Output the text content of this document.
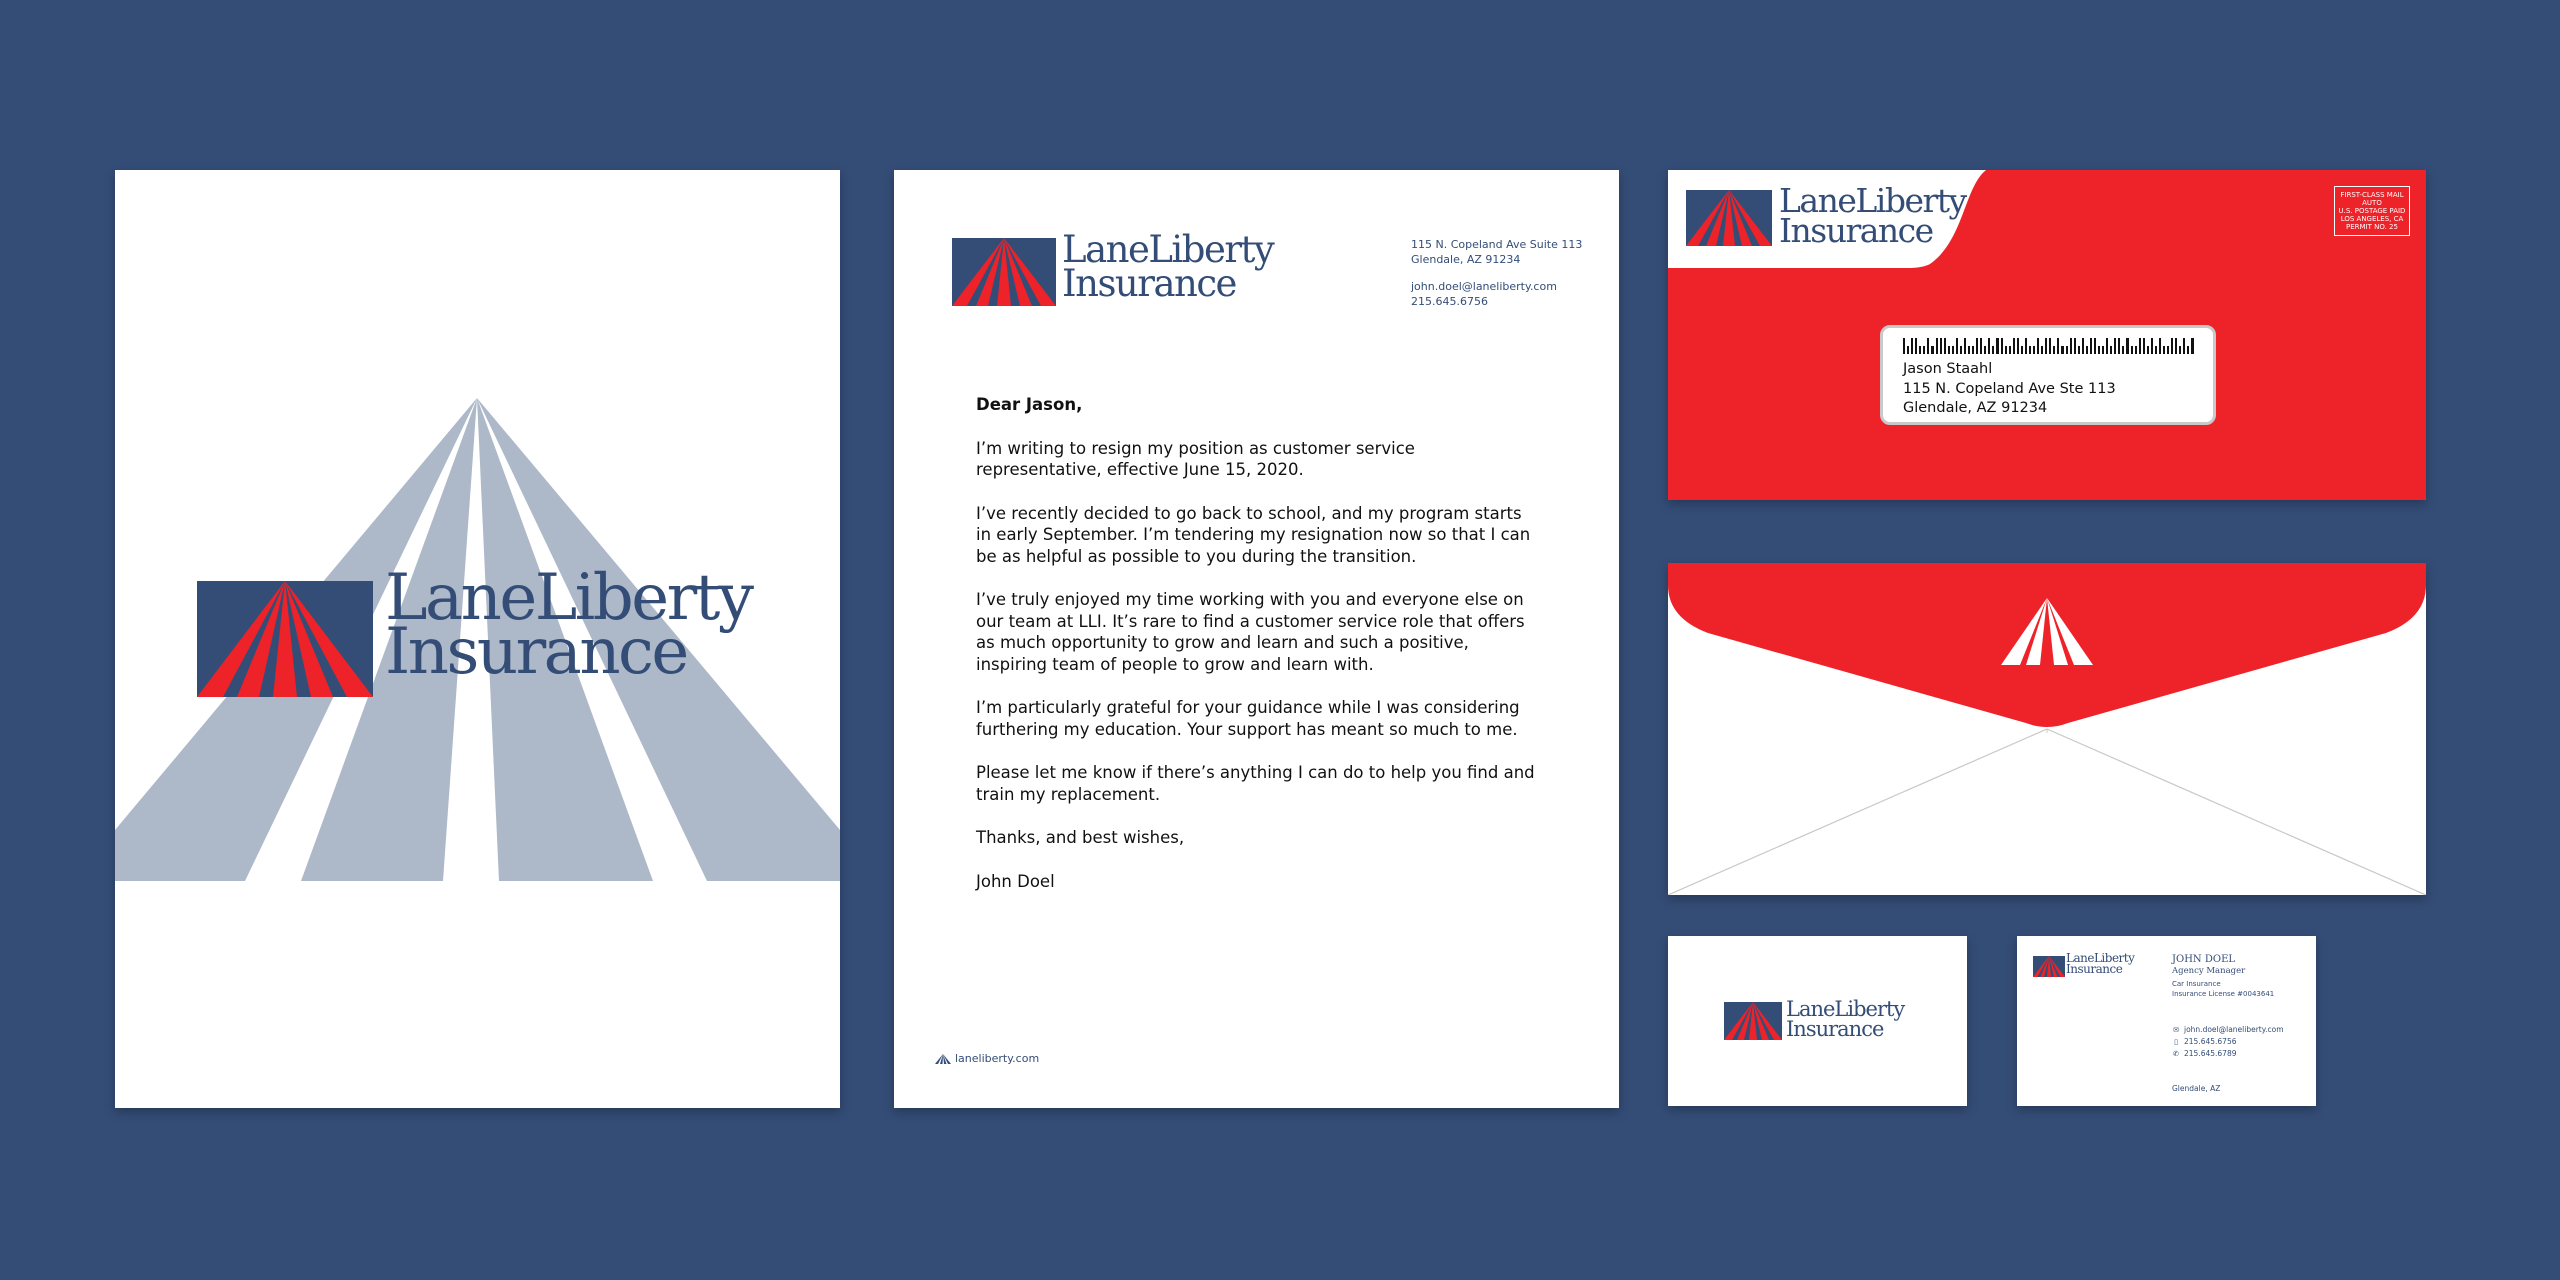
LaneLiberty
Insurance
LaneLiberty
Insurance
115 N. Copeland Ave Suite 113
Glendale, AZ 91234
john.doel@laneliberty.com
215.645.6756

Dear Jason,

I’m writing to resign my position as customer service representative, effective June 15, 2020.

I’ve recently decided to go back to school, and my program starts in early September. I’m tendering my resignation now so that I can be as helpful as possible to you during the transition.

I’ve truly enjoyed my time working with you and everyone else on our team at LLI. It’s rare to find a customer service role that offers as much opportunity to grow and learn and such a positive, inspiring team of people to grow and learn with.

I’m particularly grateful for your guidance while I was considering furthering my education. Your support has meant so much to me.

Please let me know if there’s anything I can do to help you find and train my replacement.

Thanks, and best wishes,

John Doel

laneliberty.com
LaneLiberty
Insurance
FIRST-CLASS MAIL
AUTO
U.S. POSTAGE PAID
LOS ANGELES, CA
PERMIT NO. 25
Jason Staahl
115 N. Copeland Ave Ste 113
Glendale, AZ 91234
LaneLiberty
Insurance
LaneLiberty
Insurance
JOHN DOEL
Agency Manager
Car Insurance
Insurance License #0043641
✉ john.doel@laneliberty.com
▯ 215.645.6756
✆ 215.645.6789
Glendale, AZ
